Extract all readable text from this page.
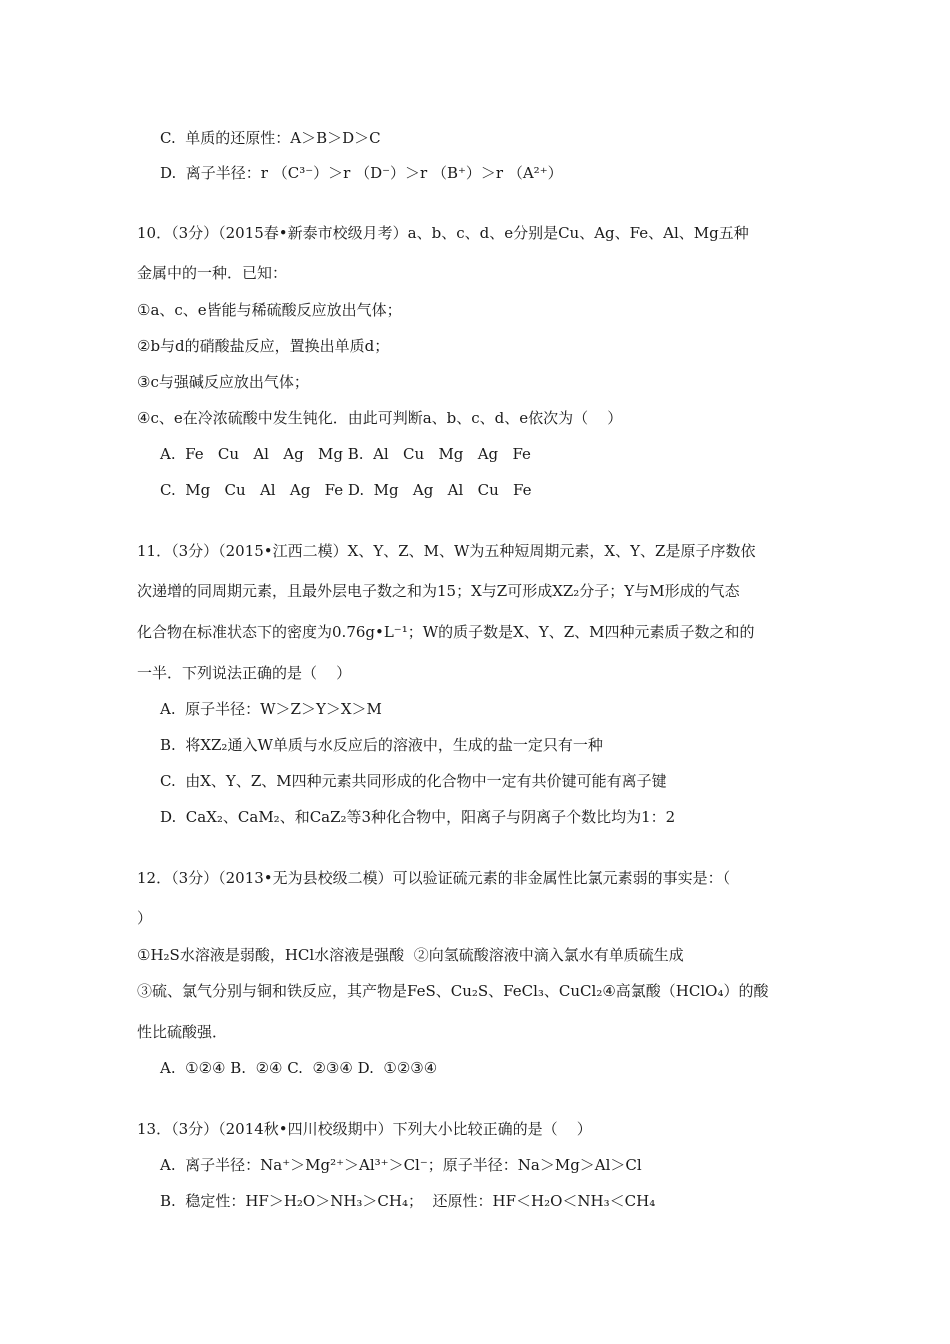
C.  单质的还原性：A＞B＞D＞C
D.  离子半径：r （C³⁻）＞r （D⁻）＞r （B⁺）＞r （A²⁺）
10．（3分）（2015春•新泰市校级月考）a、b、c、d、e分别是Cu、Ag、Fe、Al、Mg五种
金属中的一种．已知：
①a、c、e皆能与稀硫酸反应放出气体；
②b与d的硝酸盐反应，置换出单质d；
③c与强碱反应放出气体；
④c、e在冷浓硫酸中发生钝化．由此可判断a、b、c、d、e依次为（    ）
A.  Fe   Cu   Al   Ag   Mg B.  Al   Cu   Mg   Ag   Fe
C.  Mg   Cu   Al   Ag   Fe D.  Mg   Ag   Al   Cu   Fe
11．（3分）（2015•江西二模）X、Y、Z、M、W为五种短周期元素，X、Y、Z是原子序数依
次递增的同周期元素，且最外层电子数之和为15；X与Z可形成XZ₂分子；Y与M形成的气态
化合物在标准状态下的密度为0.76g•L⁻¹；W的质子数是X、Y、Z、M四种元素质子数之和的
一半．下列说法正确的是（    ）
A.  原子半径：W＞Z＞Y＞X＞M
B.  将XZ₂通入W单质与水反应后的溶液中，生成的盐一定只有一种
C.  由X、Y、Z、M四种元素共同形成的化合物中一定有共价键可能有离子键
D.  CaX₂、CaM₂、和CaZ₂等3种化合物中，阳离子与阴离子个数比均为1：2
12．（3分）（2013•无为县校级二模）可以验证硫元素的非金属性比氯元素弱的事实是：（
）
①H₂S水溶液是弱酸，HCl水溶液是强酸  ②向氢硫酸溶液中滴入氯水有单质硫生成
③硫、氯气分别与铜和铁反应，其产物是FeS、Cu₂S、FeCl₃、CuCl₂④高氯酸（HClO₄）的酸
性比硫酸强．
A.  ①②④ B.  ②④ C.  ②③④ D.  ①②③④
13．（3分）（2014秋•四川校级期中）下列大小比较正确的是（    ）
A.  离子半径：Na⁺＞Mg²⁺＞Al³⁺＞Cl⁻；原子半径：Na＞Mg＞Al＞Cl
B.  稳定性：HF＞H₂O＞NH₃＞CH₄；  还原性：HF＜H₂O＜NH₃＜CH₄
